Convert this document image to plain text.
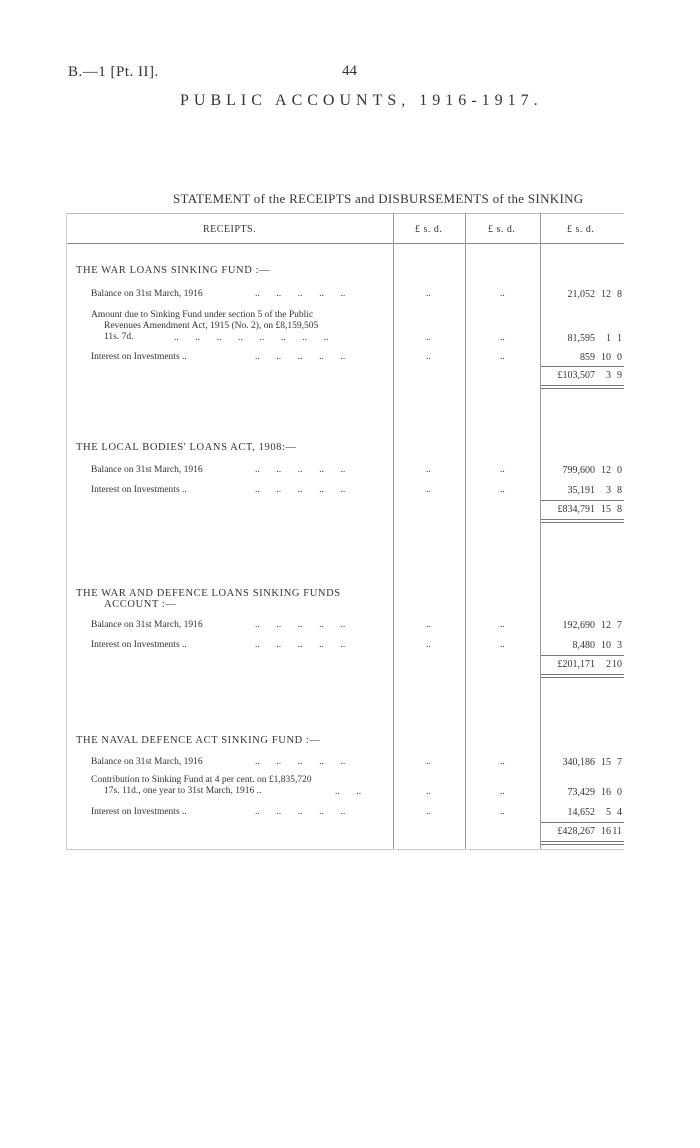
B.—1 [Pt. II].	44
PUBLIC ACCOUNTS, 1916-1917.
STATEMENT of the RECEIPTS and DISBURSEMENTS of the SINKING
RECEIPTS.	£ s. d.	£ s. d.	£ s. d.
THE WAR LOANS SINKING FUND :—
Balance on 31st March, 1916	..       ..       ..       ..       ..	..	..	21,052 12 8
Amount due to Sinking Fund under section 5 of the Public
Revenues Amendment Act, 1915 (No. 2), on £8,159,505
11s. 7d.	..       ..       ..       ..       ..       ..       ..       ..	..	..	81,595	1 1
Interest on Investments ..	..       ..       ..       ..       ..	..	..	859 10 0
£103,507	3 9
THE LOCAL BODIES' LOANS ACT, 1908:—
Balance on 31st March, 1916	..       ..       ..       ..       ..	..	..	799,600 12 0
Interest on Investments ..	..       ..       ..       ..       ..	..	..	35,191	3 8
£834,791 15 8
THE WAR AND DEFENCE LOANS SINKING FUNDS
ACCOUNT :—
Balance on 31st March, 1916	..       ..       ..       ..       ..	..	..	192,690 12 7
Interest on Investments ..	..       ..       ..       ..       ..	..	..	8,480 10 3
£201,171	2 10
THE NAVAL DEFENCE ACT SINKING FUND :—
Balance on 31st March, 1916	..       ..       ..       ..       ..	..	..	340,186 15 7
Contribution to Sinking Fund at 4 per cent. on £1,835,720
17s. 11d., one year to 31st March, 1916 ..	..       ..	..	..	73,429 16 0
Interest on Investments ..	..       ..       ..       ..       ..	..	..	14,652	5 4
£428,267 16 11
